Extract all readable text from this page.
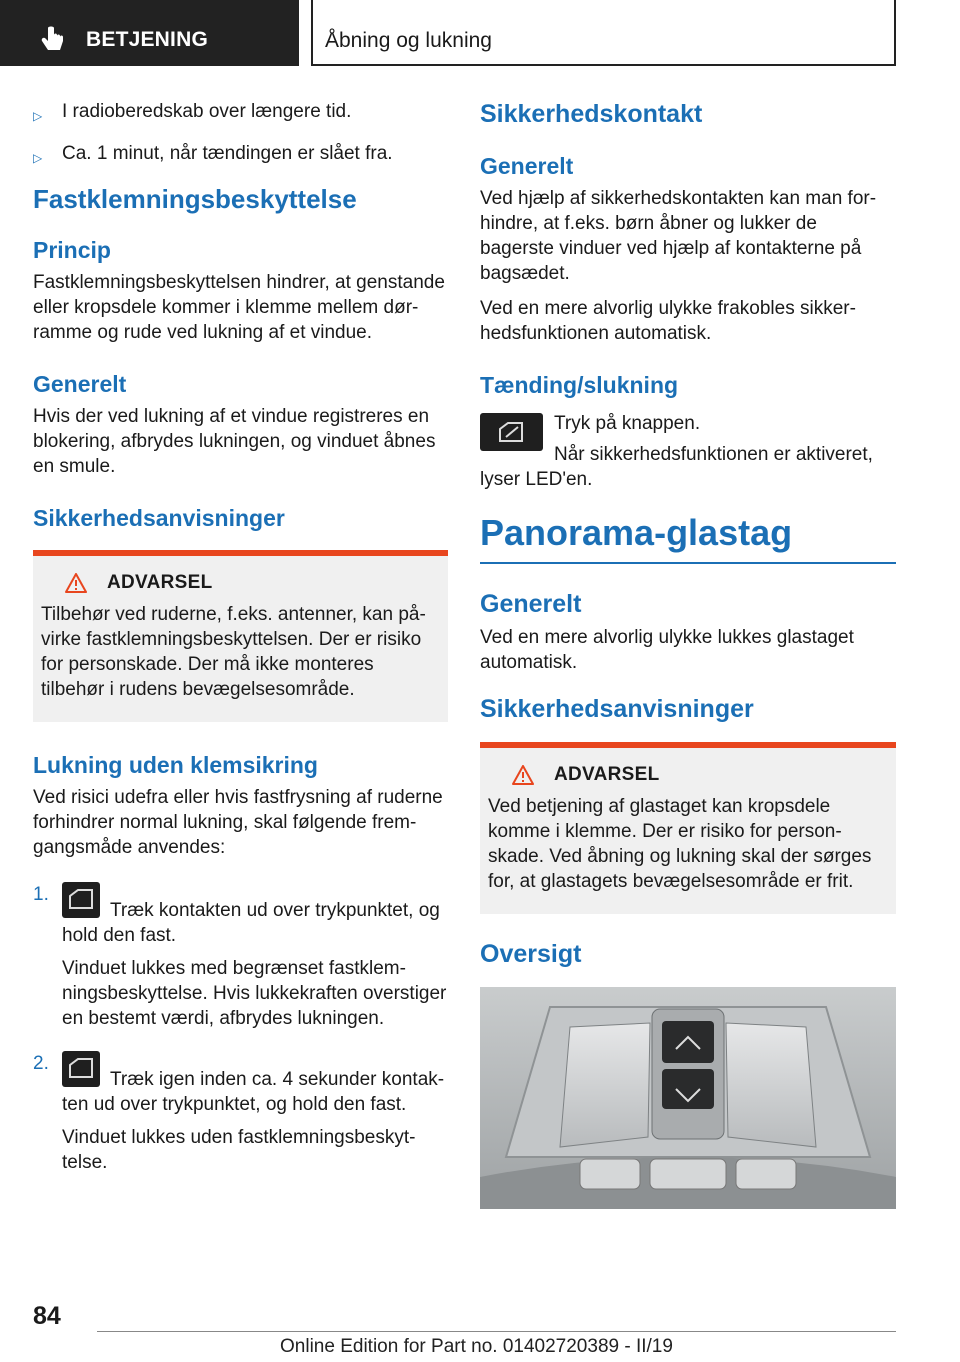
BETJENING	Åbning og lukning
▷	I radioberedskab over længere tid.
▷	Ca. 1 minut, når tændingen er slået fra.
Fastklemningsbeskyttelse
Princip
Fastklemningsbeskyttelsen hindrer, at genstande eller kropsdele kommer i klemme mellem dør-ramme og rude ved lukning af et vindue.
Generelt
Hvis der ved lukning af et vindue registreres en blokering, afbrydes lukningen, og vinduet åbnes en smule.
Sikkerhedsanvisninger
ADVARSEL
Tilbehør ved ruderne, f.eks. antenner, kan på-virke fastklemningsbeskyttelsen. Der er risiko for personskade. Der må ikke monteres tilbehør i rudens bevægelsesområde.
Lukning uden klemsikring
Ved risici udefra eller hvis fastfrysning af ruderne forhindrer normal lukning, skal følgende frem-gangsmåde anvendes:
1.
Træk kontakten ud over trykpunktet, og hold den fast.
Vinduet lukkes med begrænset fastklem-ningsbeskyttelse. Hvis lukkekraften overstiger en bestemt værdi, afbrydes lukningen.
2.
Træk igen inden ca. 4 sekunder kontak-ten ud over trykpunktet, og hold den fast.
Vinduet lukkes uden fastklemningsbeskyt-telse.
Sikkerhedskontakt
Generelt
Ved hjælp af sikkerhedskontakten kan man for-hindre, at f.eks. børn åbner og lukker de bagerste vinduer ved hjælp af kontakterne på bagsædet.
Ved en mere alvorlig ulykke frakobles sikker-hedsfunktionen automatisk.
Tænding/slukning
Tryk på knappen.
Når sikkerhedsfunktionen er aktiveret, lyser LED'en.
Panorama-glastag
Generelt
Ved en mere alvorlig ulykke lukkes glastaget automatisk.
Sikkerhedsanvisninger
ADVARSEL
Ved betjening af glastaget kan kropsdele komme i klemme. Der er risiko for person-skade. Ved åbning og lukning skal der sørges for, at glastagets bevægelsesområde er frit.
Oversigt
84
Online Edition for Part no. 01402720389 - II/19
